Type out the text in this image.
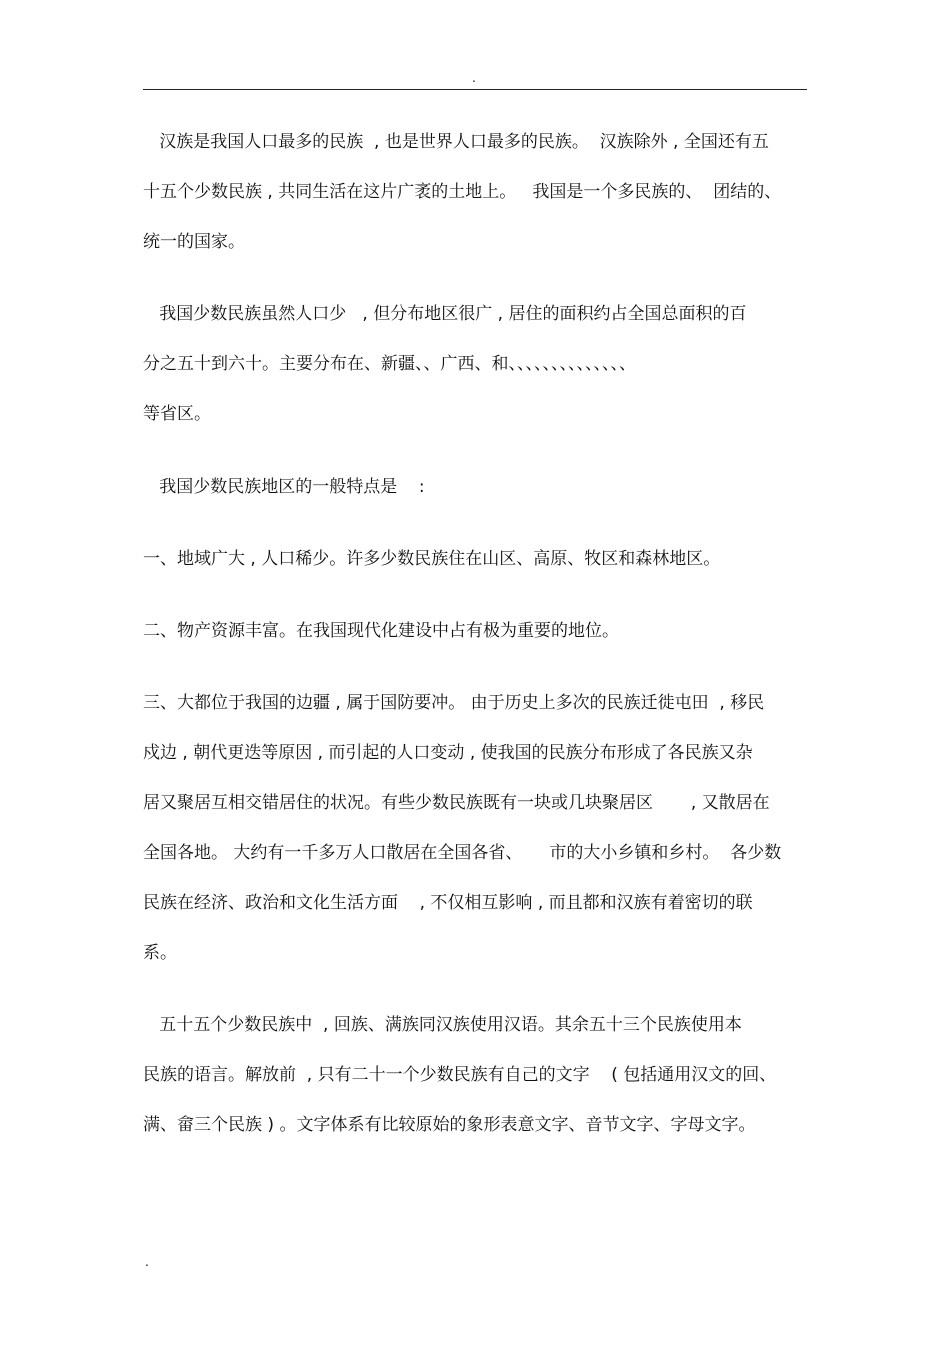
.
汉族是我国人口最多的民族  , 也是世界人口最多的民族。  汉族除外 , 全国还有五
十五个少数民族 , 共同生活在这片广袤的土地上。   我国是一个多民族的、  团结的、
统一的国家。
我国少数民族虽然人口少   , 但分布地区很广 , 居住的面积约占全国总面积的百
分之五十到六十。主要分布在、新疆、、广西、和、、、、、、、、、、、、、、
等省区。
我国少数民族地区的一般特点是    :
一、地域广大 , 人口稀少。许多少数民族住在山区、高原、牧区和森林地区。
二、物产资源丰富。在我国现代化建设中占有极为重要的地位。
三、大都位于我国的边疆 , 属于国防要冲。 由于历史上多次的民族迁徙屯田  , 移民
戍边 , 朝代更迭等原因 , 而引起的人口变动 , 使我国的民族分布形成了各民族又杂
居又聚居互相交错居住的状况。有些少数民族既有一块或几块聚居区       , 又散居在
全国各地。 大约有一千多万人口散居在全国各省、     市的大小乡镇和乡村。  各少数
民族在经济、政治和文化生活方面    , 不仅相互影响 , 而且都和汉族有着密切的联
系。
五十五个少数民族中  , 回族、满族同汉族使用汉语。其余五十三个民族使用本
民族的语言。解放前  , 只有二十一个少数民族有自己的文字    ( 包括通用汉文的回、
满、畲三个民族 ) 。文字体系有比较原始的象形表意文字、音节文字、字母文字。
.
